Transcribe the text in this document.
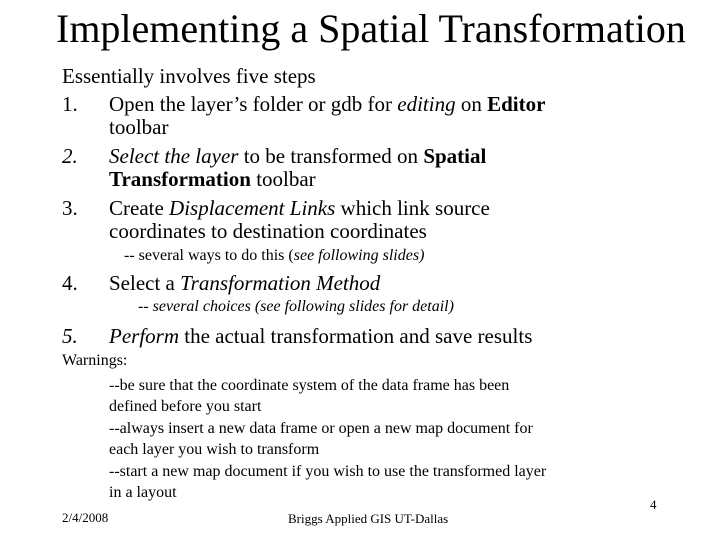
Implementing a Spatial Transformation
Essentially involves five steps
1. Open the layer’s folder or gdb for editing on Editor
toolbar
2. Select the layer to be transformed on Spatial
Transformation toolbar
3. Create Displacement Links which link source
coordinates to destination coordinates
-- several ways to do this (see following slides)
4. Select a Transformation Method
-- several choices (see following slides for detail)
5. Perform the actual transformation and save results
Warnings:
--be sure that the coordinate system of the data frame has been
defined before you start
--always insert a new data frame or open a new map document for
each layer you wish to transform
--start a new map document if you wish to use the transformed layer
in a layout
2/4/2008	Briggs Applied GIS UT-Dallas
4
